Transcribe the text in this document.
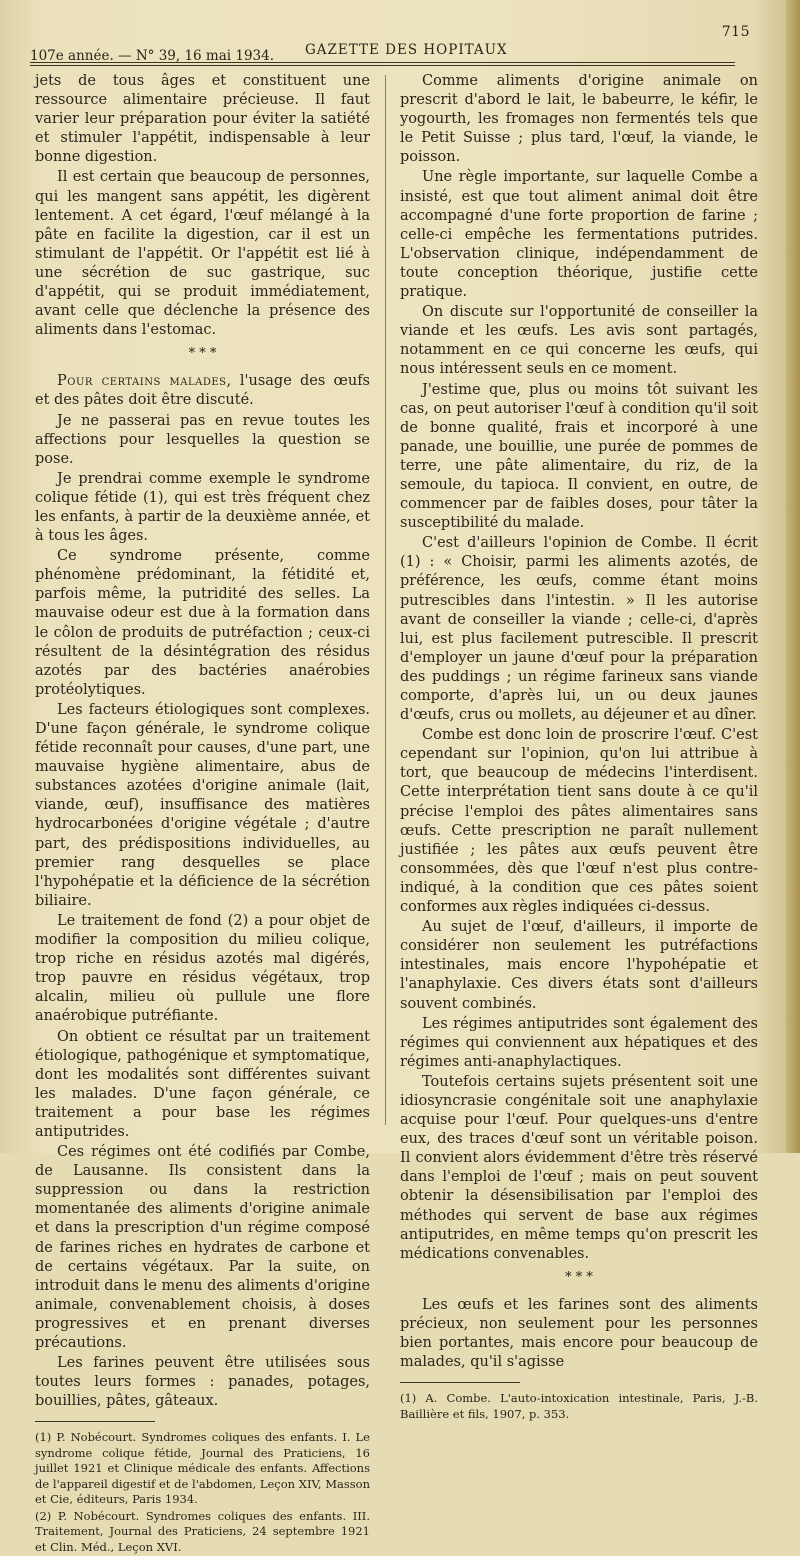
715
107e année. — N° 39, 16 mai 1934. GAZETTE DES HOPITAUX

jets de tous âges et constituent une ressource alimentaire précieuse. Il faut varier leur préparation pour éviter la satiété et stimuler l'appétit, indispensable à leur bonne digestion.

Il est certain que beaucoup de personnes, qui les mangent sans appétit, les digèrent lentement. A cet égard, l'œuf mélangé à la pâte en facilite la digestion, car il est un stimulant de l'appétit. Or l'appétit est lié à une sécrétion de suc gastrique, suc d'appétit, qui se produit immédiatement, avant celle que déclenche la présence des aliments dans l'estomac.

* * *

Pour certains malades, l'usage des œufs et des pâtes doit être discuté.

Je ne passerai pas en revue toutes les affections pour lesquelles la question se pose.

Je prendrai comme exemple le syndrome colique fétide (1), qui est très fréquent chez les enfants, à partir de la deuxième année, et à tous les âges.

Ce syndrome présente, comme phénomène prédominant, la fétidité et, parfois même, la putridité des selles. La mauvaise odeur est due à la formation dans le côlon de produits de putréfaction ; ceux-ci résultent de la désintégration des résidus azotés par des bactéries anaérobies protéolytiques.

Les facteurs étiologiques sont complexes. D'une façon générale, le syndrome colique fétide reconnaît pour causes, d'une part, une mauvaise hygiène alimentaire, abus de substances azotées d'origine animale (lait, viande, œuf), insuffisance des matières hydrocarbonées d'origine végétale ; d'autre part, des prédispositions individuelles, au premier rang desquelles se place l'hypohépatie et la déficience de la sécrétion biliaire.

Le traitement de fond (2) a pour objet de modifier la composition du milieu colique, trop riche en résidus azotés mal digérés, trop pauvre en résidus végétaux, trop alcalin, milieu où pullule une flore anaérobique putréfiante.

On obtient ce résultat par un traitement étiologique, pathogénique et symptomatique, dont les modalités sont différentes suivant les malades. D'une façon générale, ce traitement a pour base les régimes antiputrides.

Ces régimes ont été codifiés par Combe, de Lausanne. Ils consistent dans la suppression ou dans la restriction momentanée des aliments d'origine animale et dans la prescription d'un régime composé de farines riches en hydrates de carbone et de certains végétaux. Par la suite, on introduit dans le menu des aliments d'origine animale, convenablement choisis, à doses progressives et en prenant diverses précautions.

Les farines peuvent être utilisées sous toutes leurs formes : panades, potages, bouillies, pâtes, gâteaux.

(1) P. Nobécourt. Syndromes coliques des enfants. I. Le syndrome colique fétide, Journal des Praticiens, 16 juillet 1921 et Clinique médicale des enfants. Affections de l'appareil digestif et de l'abdomen, Leçon XIV, Masson et Cie, éditeurs, Paris 1934.

(2) P. Nobécourt. Syndromes coliques des enfants. III. Traitement, Journal des Praticiens, 24 septembre 1921 et Clin. Méd., Leçon XVI.

Comme aliments d'origine animale on prescrit d'abord le lait, le babeurre, le kéfir, le yogourth, les fromages non fermentés tels que le Petit Suisse ; plus tard, l'œuf, la viande, le poisson.

Une règle importante, sur laquelle Combe a insisté, est que tout aliment animal doit être accompagné d'une forte proportion de farine ; celle-ci empêche les fermentations putrides. L'observation clinique, indépendamment de toute conception théorique, justifie cette pratique.

On discute sur l'opportunité de conseiller la viande et les œufs. Les avis sont partagés, notamment en ce qui concerne les œufs, qui nous intéressent seuls en ce moment.

J'estime que, plus ou moins tôt suivant les cas, on peut autoriser l'œuf à condition qu'il soit de bonne qualité, frais et incorporé à une panade, une bouillie, une purée de pommes de terre, une pâte alimentaire, du riz, de la semoule, du tapioca. Il convient, en outre, de commencer par de faibles doses, pour tâter la susceptibilité du malade.

C'est d'ailleurs l'opinion de Combe. Il écrit (1) : « Choisir, parmi les aliments azotés, de préférence, les œufs, comme étant moins putrescibles dans l'intestin. » Il les autorise avant de conseiller la viande ; celle-ci, d'après lui, est plus facilement putrescible. Il prescrit d'employer un jaune d'œuf pour la préparation des puddings ; un régime farineux sans viande comporte, d'après lui, un ou deux jaunes d'œufs, crus ou mollets, au déjeuner et au dîner.

Combe est donc loin de proscrire l'œuf. C'est cependant sur l'opinion, qu'on lui attribue à tort, que beaucoup de médecins l'interdisent. Cette interprétation tient sans doute à ce qu'il précise l'emploi des pâtes alimentaires sans œufs. Cette prescription ne paraît nullement justifiée ; les pâtes aux œufs peuvent être consommées, dès que l'œuf n'est plus contre-indiqué, à la condition que ces pâtes soient conformes aux règles indiquées ci-dessus.

Au sujet de l'œuf, d'ailleurs, il importe de considérer non seulement les putréfactions intestinales, mais encore l'hypohépatie et l'anaphylaxie. Ces divers états sont d'ailleurs souvent combinés.

Les régimes antiputrides sont également des régimes qui conviennent aux hépatiques et des régimes anti-anaphylactiques.

Toutefois certains sujets présentent soit une idiosyncrasie congénitale soit une anaphylaxie acquise pour l'œuf. Pour quelques-uns d'entre eux, des traces d'œuf sont un véritable poison. Il convient alors évidemment d'être très réservé dans l'emploi de l'œuf ; mais on peut souvent obtenir la désensibilisation par l'emploi des méthodes qui servent de base aux régimes antiputrides, en même temps qu'on prescrit les médications convenables.

* * *

Les œufs et les farines sont des aliments précieux, non seulement pour les personnes bien portantes, mais encore pour beaucoup de malades, qu'il s'agisse

(1) A. Combe. L'auto-intoxication intestinale, Paris, J.-B. Baillière et fils, 1907, p. 353.
